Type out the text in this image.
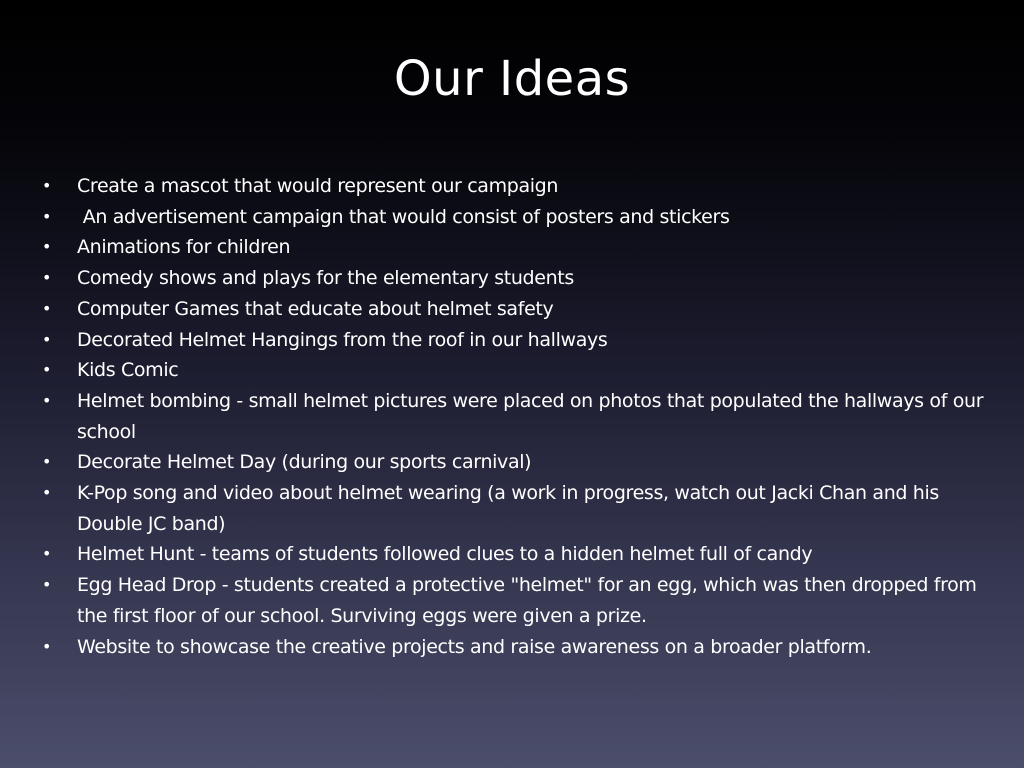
Our Ideas
•	Create a mascot that would represent our campaign
•	An advertisement campaign that would consist of posters and stickers
•	Animations for children
•	Comedy shows and plays for the elementary students
•	Computer Games that educate about helmet safety
•	Decorated Helmet Hangings from the roof in our hallways
•	Kids Comic
•	Helmet bombing - small helmet pictures were placed on photos that populated the hallways of our school
•	Decorate Helmet Day (during our sports carnival)
•	K-Pop song and video about helmet wearing (a work in progress, watch out Jacki Chan and his Double JC band)
•	Helmet Hunt - teams of students followed clues to a hidden helmet full of candy
•	Egg Head Drop - students created a protective "helmet" for an egg, which was then dropped from the first floor of our school. Surviving eggs were given a prize.
•	Website to showcase the creative projects and raise awareness on a broader platform.
